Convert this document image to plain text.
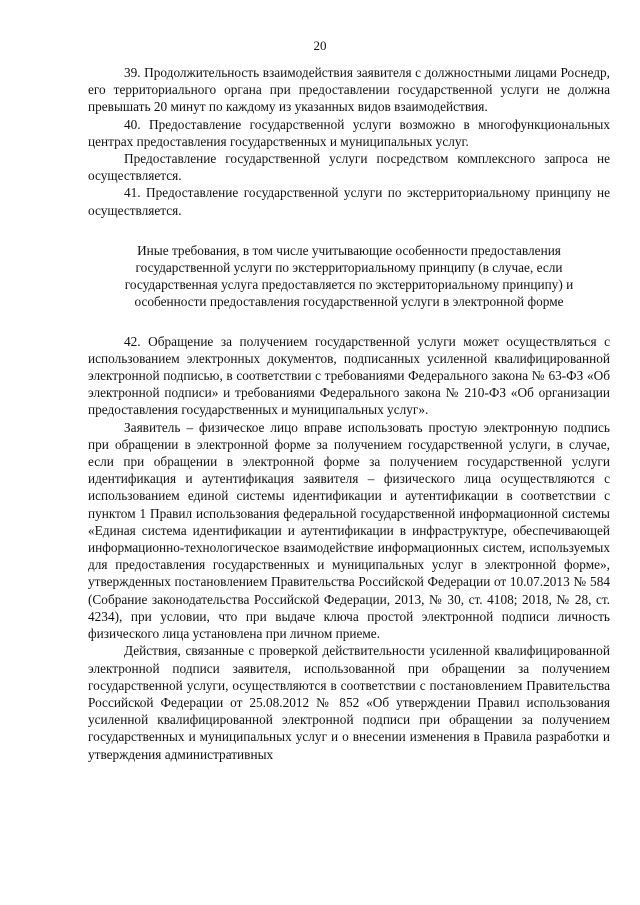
20

39. Продолжительность взаимодействия заявителя с должностными лицами Роснедр, его территориального органа при предоставлении государственной услуги не должна превышать 20 минут по каждому из указанных видов взаимодействия.

40. Предоставление государственной услуги возможно в многофункциональных центрах предоставления государственных и муниципальных услуг.

Предоставление государственной услуги посредством комплексного запроса не осуществляется.

41. Предоставление государственной услуги по экстерриториальному принципу не осуществляется.

Иные требования, в том числе учитывающие особенности предоставления
государственной услуги по экстерриториальному принципу (в случае, если
государственная услуга предоставляется по экстерриториальному принципу) и
особенности предоставления государственной услуги в электронной форме

42. Обращение за получением государственной услуги может осуществляться с использованием электронных документов, подписанных усиленной квалифицированной электронной подписью, в соответствии с требованиями Федерального закона № 63-ФЗ «Об электронной подписи» и требованиями Федерального закона № 210-ФЗ «Об организации предоставления государственных и муниципальных услуг».

Заявитель – физическое лицо вправе использовать простую электронную подпись при обращении в электронной форме за получением государственной услуги, в случае, если при обращении в электронной форме за получением государственной услуги идентификация и аутентификация заявителя – физического лица осуществляются с использованием единой системы идентификации и аутентификации в соответствии с пунктом 1 Правил использования федеральной государственной информационной системы «Единая система идентификации и аутентификации в инфраструктуре, обеспечивающей информационно-технологическое взаимодействие информационных систем, используемых для предоставления государственных и муниципальных услуг в электронной форме», утвержденных постановлением Правительства Российской Федерации от 10.07.2013 № 584 (Собрание законодательства Российской Федерации, 2013, № 30, ст. 4108; 2018, № 28, ст. 4234), при условии, что при выдаче ключа простой электронной подписи личность физического лица установлена при личном приеме.

Действия, связанные с проверкой действительности усиленной квалифицированной электронной подписи заявителя, использованной при обращении за получением государственной услуги, осуществляются в соответствии с постановлением Правительства Российской Федерации от 25.08.2012 № 852 «Об утверждении Правил использования усиленной квалифицированной электронной подписи при обращении за получением государственных и муниципальных услуг и о внесении изменения в Правила разработки и утверждения административных
